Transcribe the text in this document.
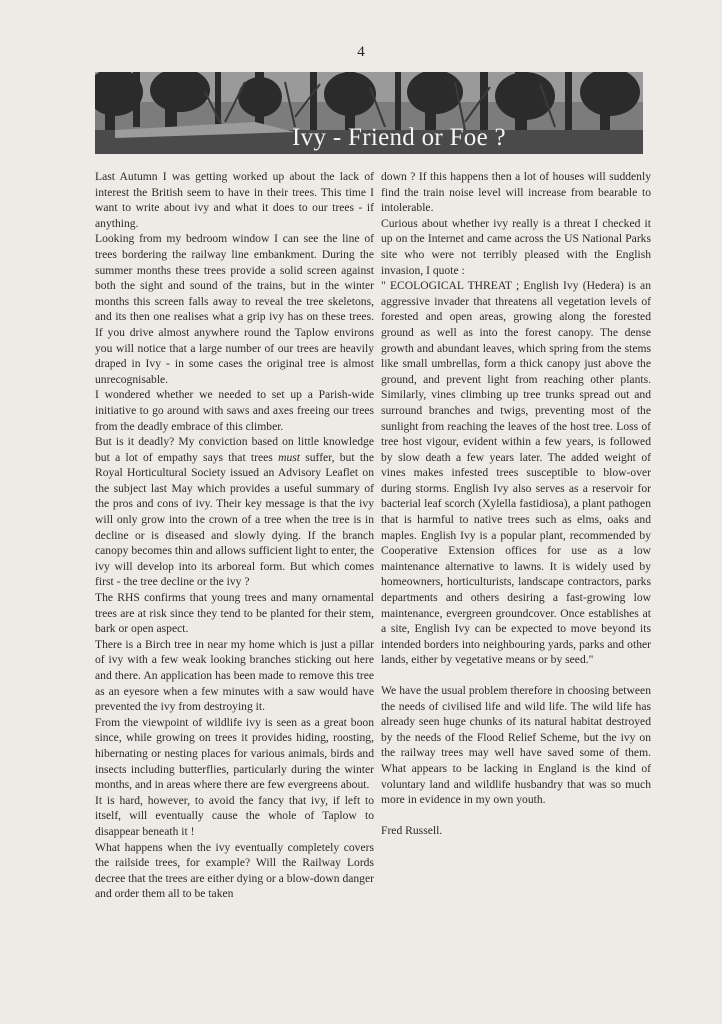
4
Ivy - Friend or Foe ?

Last Autumn I was getting worked up about the lack of interest the British seem to have in their trees. This time I want to write about ivy and what it does to our trees - if anything.

Looking from my bedroom window I can see the line of trees bordering the railway line embankment. During the summer months these trees provide a solid screen against both the sight and sound of the trains, but in the winter months this screen falls away to reveal the tree skeletons, and its then one realises what a grip ivy has on these trees. If you drive almost anywhere round the Taplow environs you will notice that a large number of our trees are heavily draped in Ivy - in some cases the original tree is almost unrecognisable.

I wondered whether we needed to set up a Parish-wide initiative to go around with saws and axes freeing our trees from the deadly embrace of this climber.

But is it deadly? My conviction based on little knowledge but a lot of empathy says that trees must suffer, but the Royal Horticultural Society issued an Advisory Leaflet on the subject last May which provides a useful summary of the pros and cons of ivy. Their key message is that the ivy will only grow into the crown of a tree when the tree is in decline or is diseased and slowly dying. If the branch canopy becomes thin and allows sufficient light to enter, the ivy will develop into its arboreal form. But which comes first - the tree decline or the ivy ?

The RHS confirms that young trees and many ornamental trees are at risk since they tend to be planted for their stem, bark or open aspect.

There is a Birch tree in near my home which is just a pillar of ivy with a few weak looking branches sticking out here and there. An application has been made to remove this tree as an eyesore when a few minutes with a saw would have prevented the ivy from destroying it.

From the viewpoint of wildlife ivy is seen as a great boon since, while growing on trees it provides hiding, roosting, hibernating or nesting places for various animals, birds and insects including butterflies, particularly during the winter months, and in areas where there are few evergreens about.

It is hard, however, to avoid the fancy that ivy, if left to itself, will eventually cause the whole of Taplow to disappear beneath it !

What happens when the ivy eventually completely covers the railside trees, for example? Will the Railway Lords decree that the trees are either dying or a blow-down danger and order them all to be taken

down ? If this happens then a lot of houses will suddenly find the train noise level will increase from bearable to intolerable.

Curious about whether ivy really is a threat I checked it up on the Internet and came across the US National Parks site who were not terribly pleased with the English invasion, I quote :

" ECOLOGICAL THREAT ; English Ivy (Hedera) is an aggressive invader that threatens all vegetation levels of forested and open areas, growing along the forested ground as well as into the forest canopy. The dense growth and abundant leaves, which spring from the stems like small umbrellas, form a thick canopy just above the ground, and prevent light from reaching other plants. Similarly, vines climbing up tree trunks spread out and surround branches and twigs, preventing most of the sunlight from reaching the leaves of the host tree. Loss of tree host vigour, evident within a few years, is followed by slow death a few years later. The added weight of vines makes infested trees susceptible to blow-over during storms. English Ivy also serves as a reservoir for bacterial leaf scorch (Xylella fastidiosa), a plant pathogen that is harmful to native trees such as elms, oaks and maples. English Ivy is a popular plant, recommended by Cooperative Extension offices for use as a low maintenance alternative to lawns. It is widely used by homeowners, horticulturists, landscape contractors, parks departments and others desiring a fast-growing low maintenance, evergreen groundcover. Once establishes at a site, English Ivy can be expected to move beyond its intended borders into neighbouring yards, parks and other lands, either by vegetative means or by seed."

We have the usual problem therefore in choosing between the needs of civilised life and wild life. The wild life has already seen huge chunks of its natural habitat destroyed by the needs of the Flood Relief Scheme, but the ivy on the railway trees may well have saved some of them. What appears to be lacking in England is the kind of voluntary land and wildlife husbandry that was so much more in evidence in my own youth.

Fred Russell.
